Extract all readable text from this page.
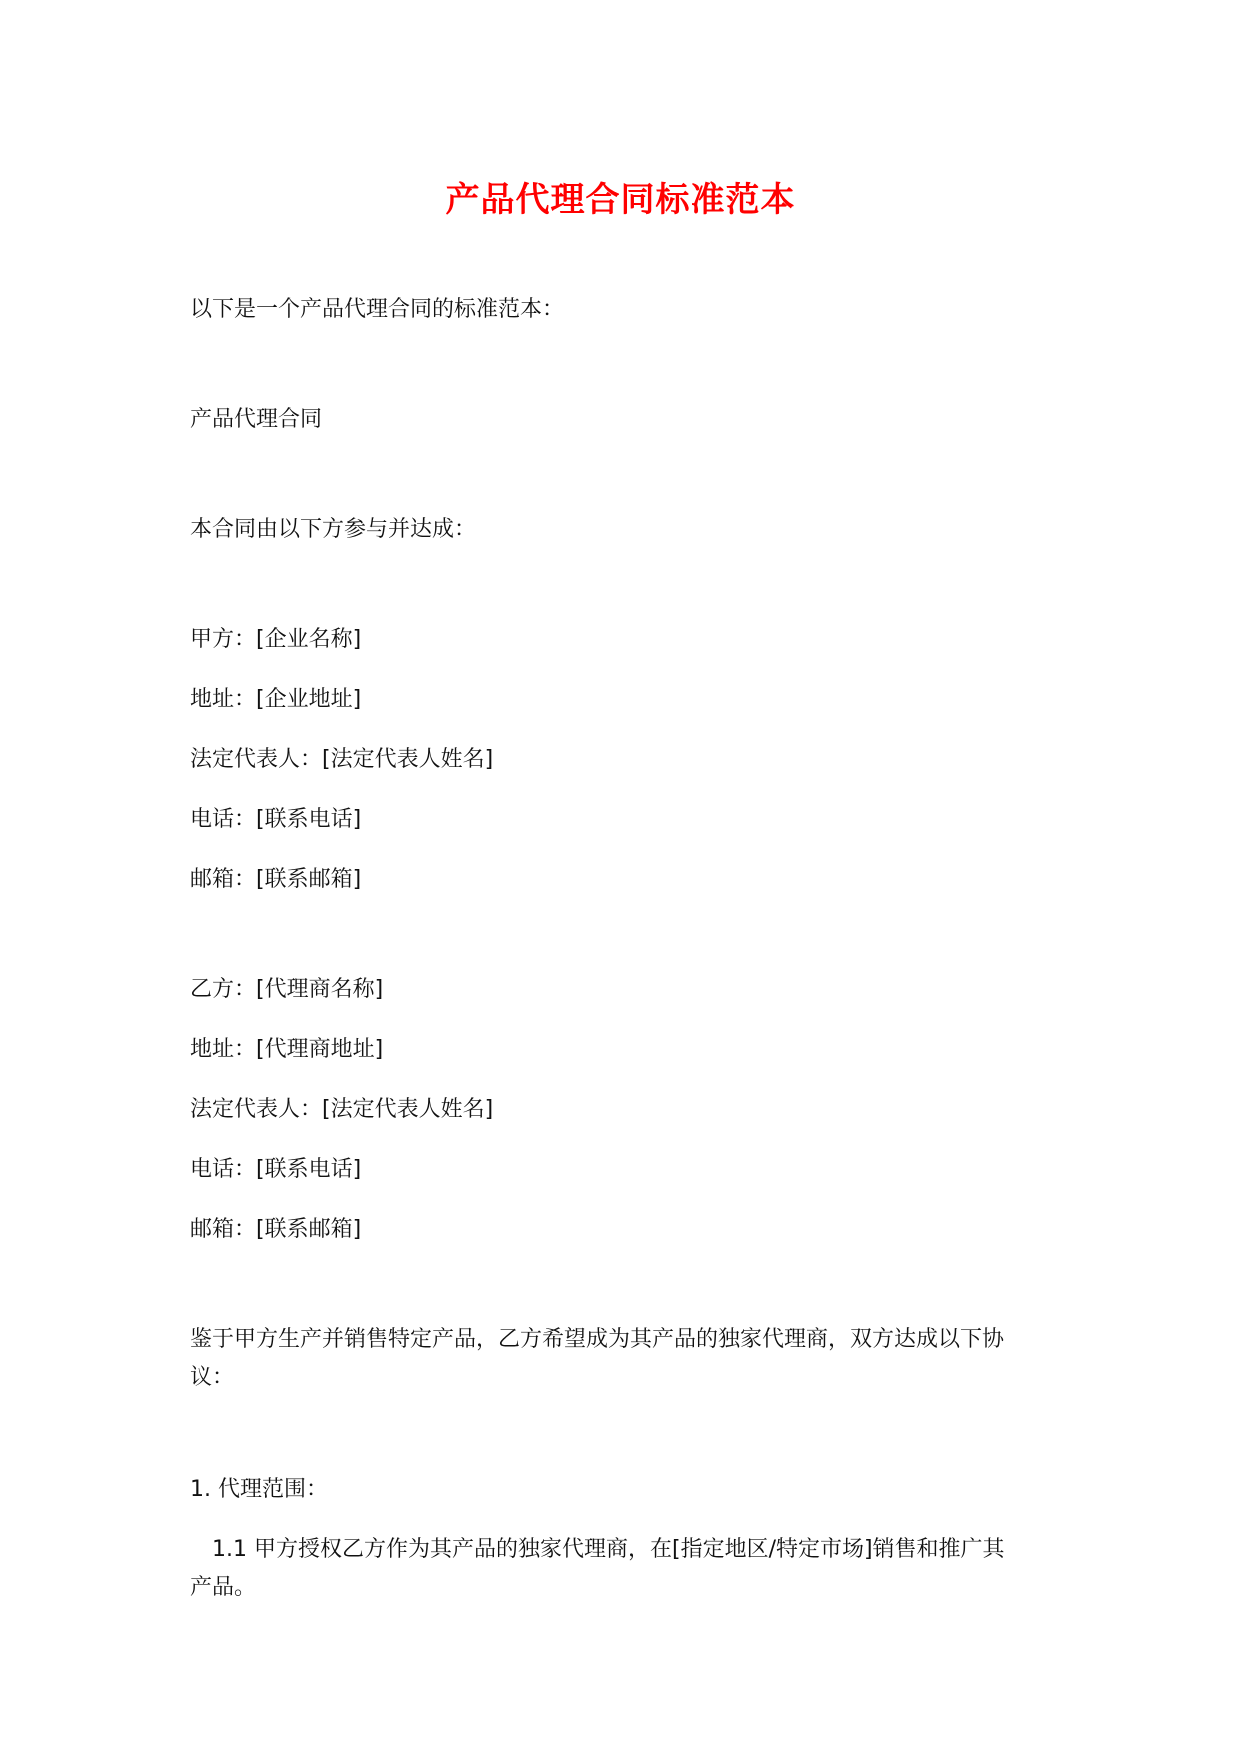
产品代理合同标准范本
以下是一个产品代理合同的标准范本：
产品代理合同
本合同由以下方参与并达成：
甲方：[企业名称]
地址：[企业地址]
法定代表人：[法定代表人姓名]
电话：[联系电话]
邮箱：[联系邮箱]
乙方：[代理商名称]
地址：[代理商地址]
法定代表人：[法定代表人姓名]
电话：[联系电话]
邮箱：[联系邮箱]
鉴于甲方生产并销售特定产品，乙方希望成为其产品的独家代理商，双方达成以下协
议：
1. 代理范围：
1.1 甲方授权乙方作为其产品的独家代理商，在[指定地区/特定市场]销售和推广其
产品。
